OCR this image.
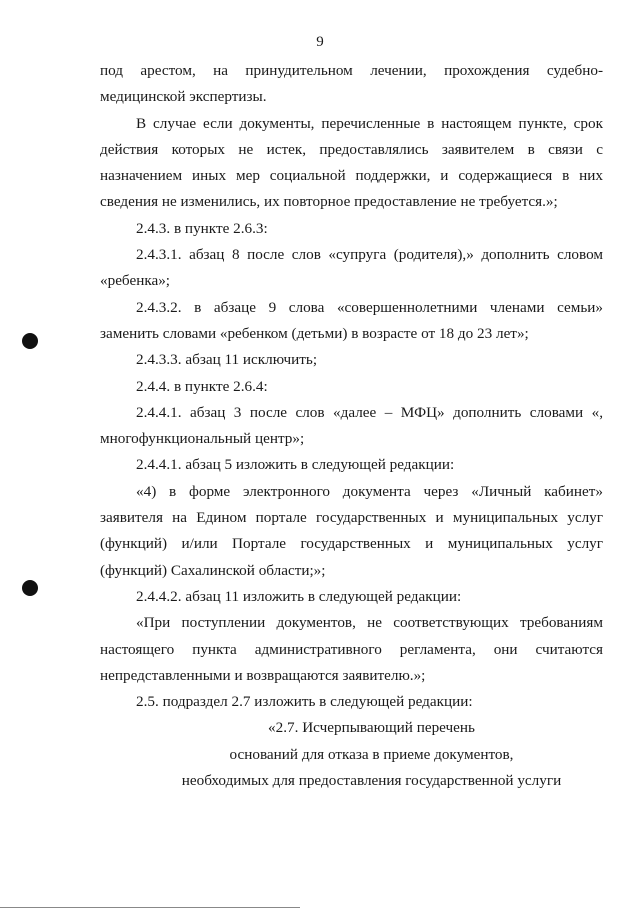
9

под арестом, на принудительном лечении, прохождения судебно-медицинской экспертизы.

В случае если документы, перечисленные в настоящем пункте, срок действия которых не истек, предоставлялись заявителем в связи с назначением иных мер социальной поддержки, и содержащиеся в них сведения не изменились, их повторное предоставление не требуется.»;

2.4.3. в пункте 2.6.3:

2.4.3.1. абзац 8 после слов «супруга (родителя),» дополнить словом «ребенка»;

2.4.3.2. в абзаце 9 слова «совершеннолетними членами семьи» заменить словами «ребенком (детьми) в возрасте от 18 до 23 лет»;

2.4.3.3. абзац 11 исключить;

2.4.4. в пункте 2.6.4:

2.4.4.1. абзац 3 после слов «далее – МФЦ» дополнить словами «, многофункциональный центр»;

2.4.4.1. абзац 5 изложить в следующей редакции:

«4) в форме электронного документа через «Личный кабинет» заявителя на Едином портале государственных и муниципальных услуг (функций) и/или Портале государственных и муниципальных услуг (функций) Сахалинской области;»;

2.4.4.2. абзац 11 изложить в следующей редакции:

«При поступлении документов, не соответствующих требованиям настоящего пункта административного регламента, они считаются непредставленными и возвращаются заявителю.»;

2.5. подраздел 2.7 изложить в следующей редакции:

«2.7. Исчерпывающий перечень

оснований для отказа в приеме документов,

необходимых для предоставления государственной услуги
